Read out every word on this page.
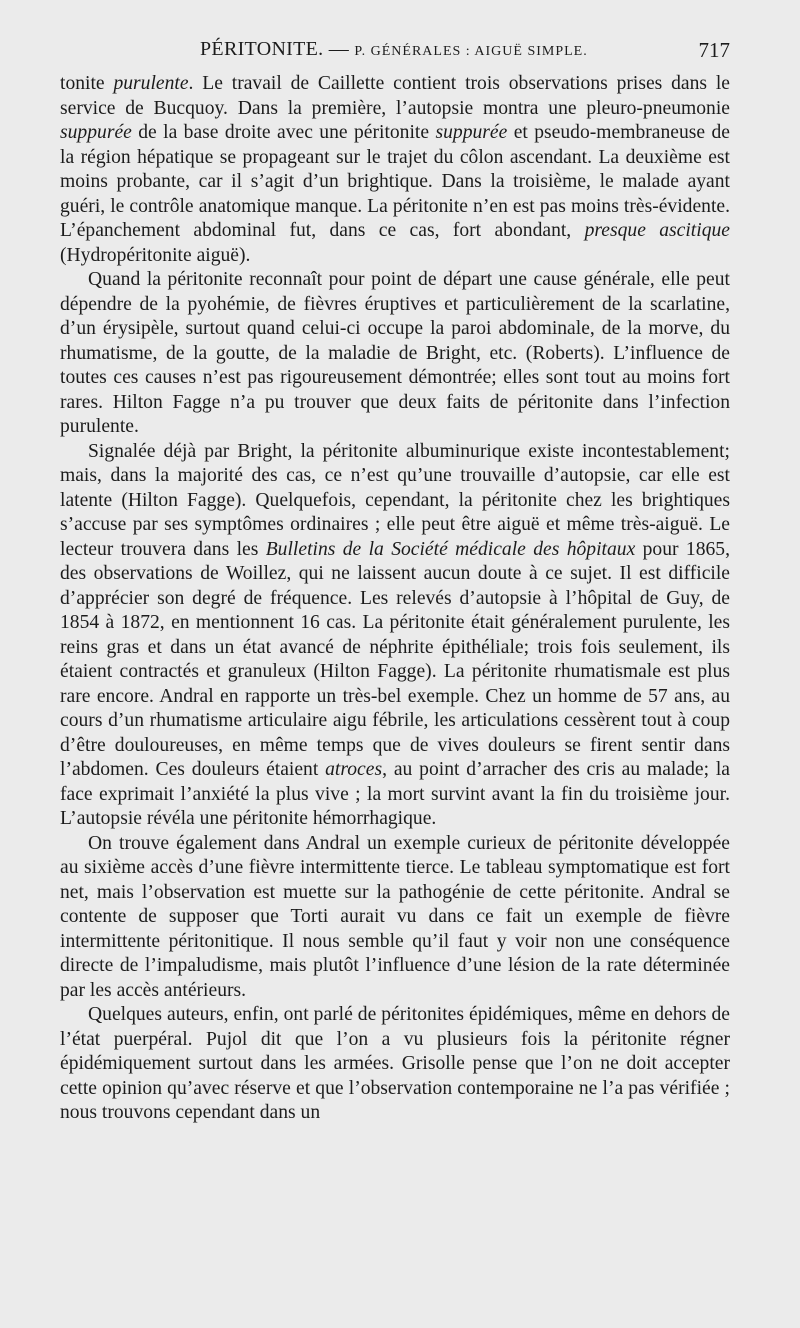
PÉRITONITE. — P. GÉNÉRALES : AIGUË SIMPLE.	717

tonite purulente. Le travail de Caillette contient trois observations prises dans le service de Bucquoy. Dans la première, l’autopsie montra une pleuro-pneumonie suppurée de la base droite avec une péritonite suppurée et pseudo-membraneuse de la région hépatique se propageant sur le trajet du côlon ascendant. La deuxième est moins probante, car il s’agit d’un brightique. Dans la troisième, le malade ayant guéri, le contrôle anatomique manque. La péritonite n’en est pas moins très-évidente. L’épanchement abdominal fut, dans ce cas, fort abondant, presque ascitique (Hydropéritonite aiguë).

Quand la péritonite reconnaît pour point de départ une cause générale, elle peut dépendre de la pyohémie, de fièvres éruptives et particulièrement de la scarlatine, d’un érysipèle, surtout quand celui-ci occupe la paroi abdominale, de la morve, du rhumatisme, de la goutte, de la maladie de Bright, etc. (Roberts). L’influence de toutes ces causes n’est pas rigoureusement démontrée; elles sont tout au moins fort rares. Hilton Fagge n’a pu trouver que deux faits de péritonite dans l’infection purulente.

Signalée déjà par Bright, la péritonite albuminurique existe incontestablement; mais, dans la majorité des cas, ce n’est qu’une trouvaille d’autopsie, car elle est latente (Hilton Fagge). Quelquefois, cependant, la péritonite chez les brightiques s’accuse par ses symptômes ordinaires ; elle peut être aiguë et même très-aiguë. Le lecteur trouvera dans les Bulletins de la Société médicale des hôpitaux pour 1865, des observations de Woillez, qui ne laissent aucun doute à ce sujet. Il est difficile d’apprécier son degré de fréquence. Les relevés d’autopsie à l’hôpital de Guy, de 1854 à 1872, en mentionnent 16 cas. La péritonite était généralement purulente, les reins gras et dans un état avancé de néphrite épithéliale; trois fois seulement, ils étaient contractés et granuleux (Hilton Fagge). La péritonite rhumatismale est plus rare encore. Andral en rapporte un très-bel exemple. Chez un homme de 57 ans, au cours d’un rhumatisme articulaire aigu fébrile, les articulations cessèrent tout à coup d’être douloureuses, en même temps que de vives douleurs se firent sentir dans l’abdomen. Ces douleurs étaient atroces, au point d’arracher des cris au malade; la face exprimait l’anxiété la plus vive ; la mort survint avant la fin du troisième jour. L’autopsie révéla une péritonite hémorrhagique.

On trouve également dans Andral un exemple curieux de péritonite développée au sixième accès d’une fièvre intermittente tierce. Le tableau symptomatique est fort net, mais l’observation est muette sur la pathogénie de cette péritonite. Andral se contente de supposer que Torti aurait vu dans ce fait un exemple de fièvre intermittente péritonitique. Il nous semble qu’il faut y voir non une conséquence directe de l’impaludisme, mais plutôt l’influence d’une lésion de la rate déterminée par les accès antérieurs.

Quelques auteurs, enfin, ont parlé de péritonites épidémiques, même en dehors de l’état puerpéral. Pujol dit que l’on a vu plusieurs fois la péritonite régner épidémiquement surtout dans les armées. Grisolle pense que l’on ne doit accepter cette opinion qu’avec réserve et que l’observation contemporaine ne l’a pas vérifiée ; nous trouvons cependant dans un
